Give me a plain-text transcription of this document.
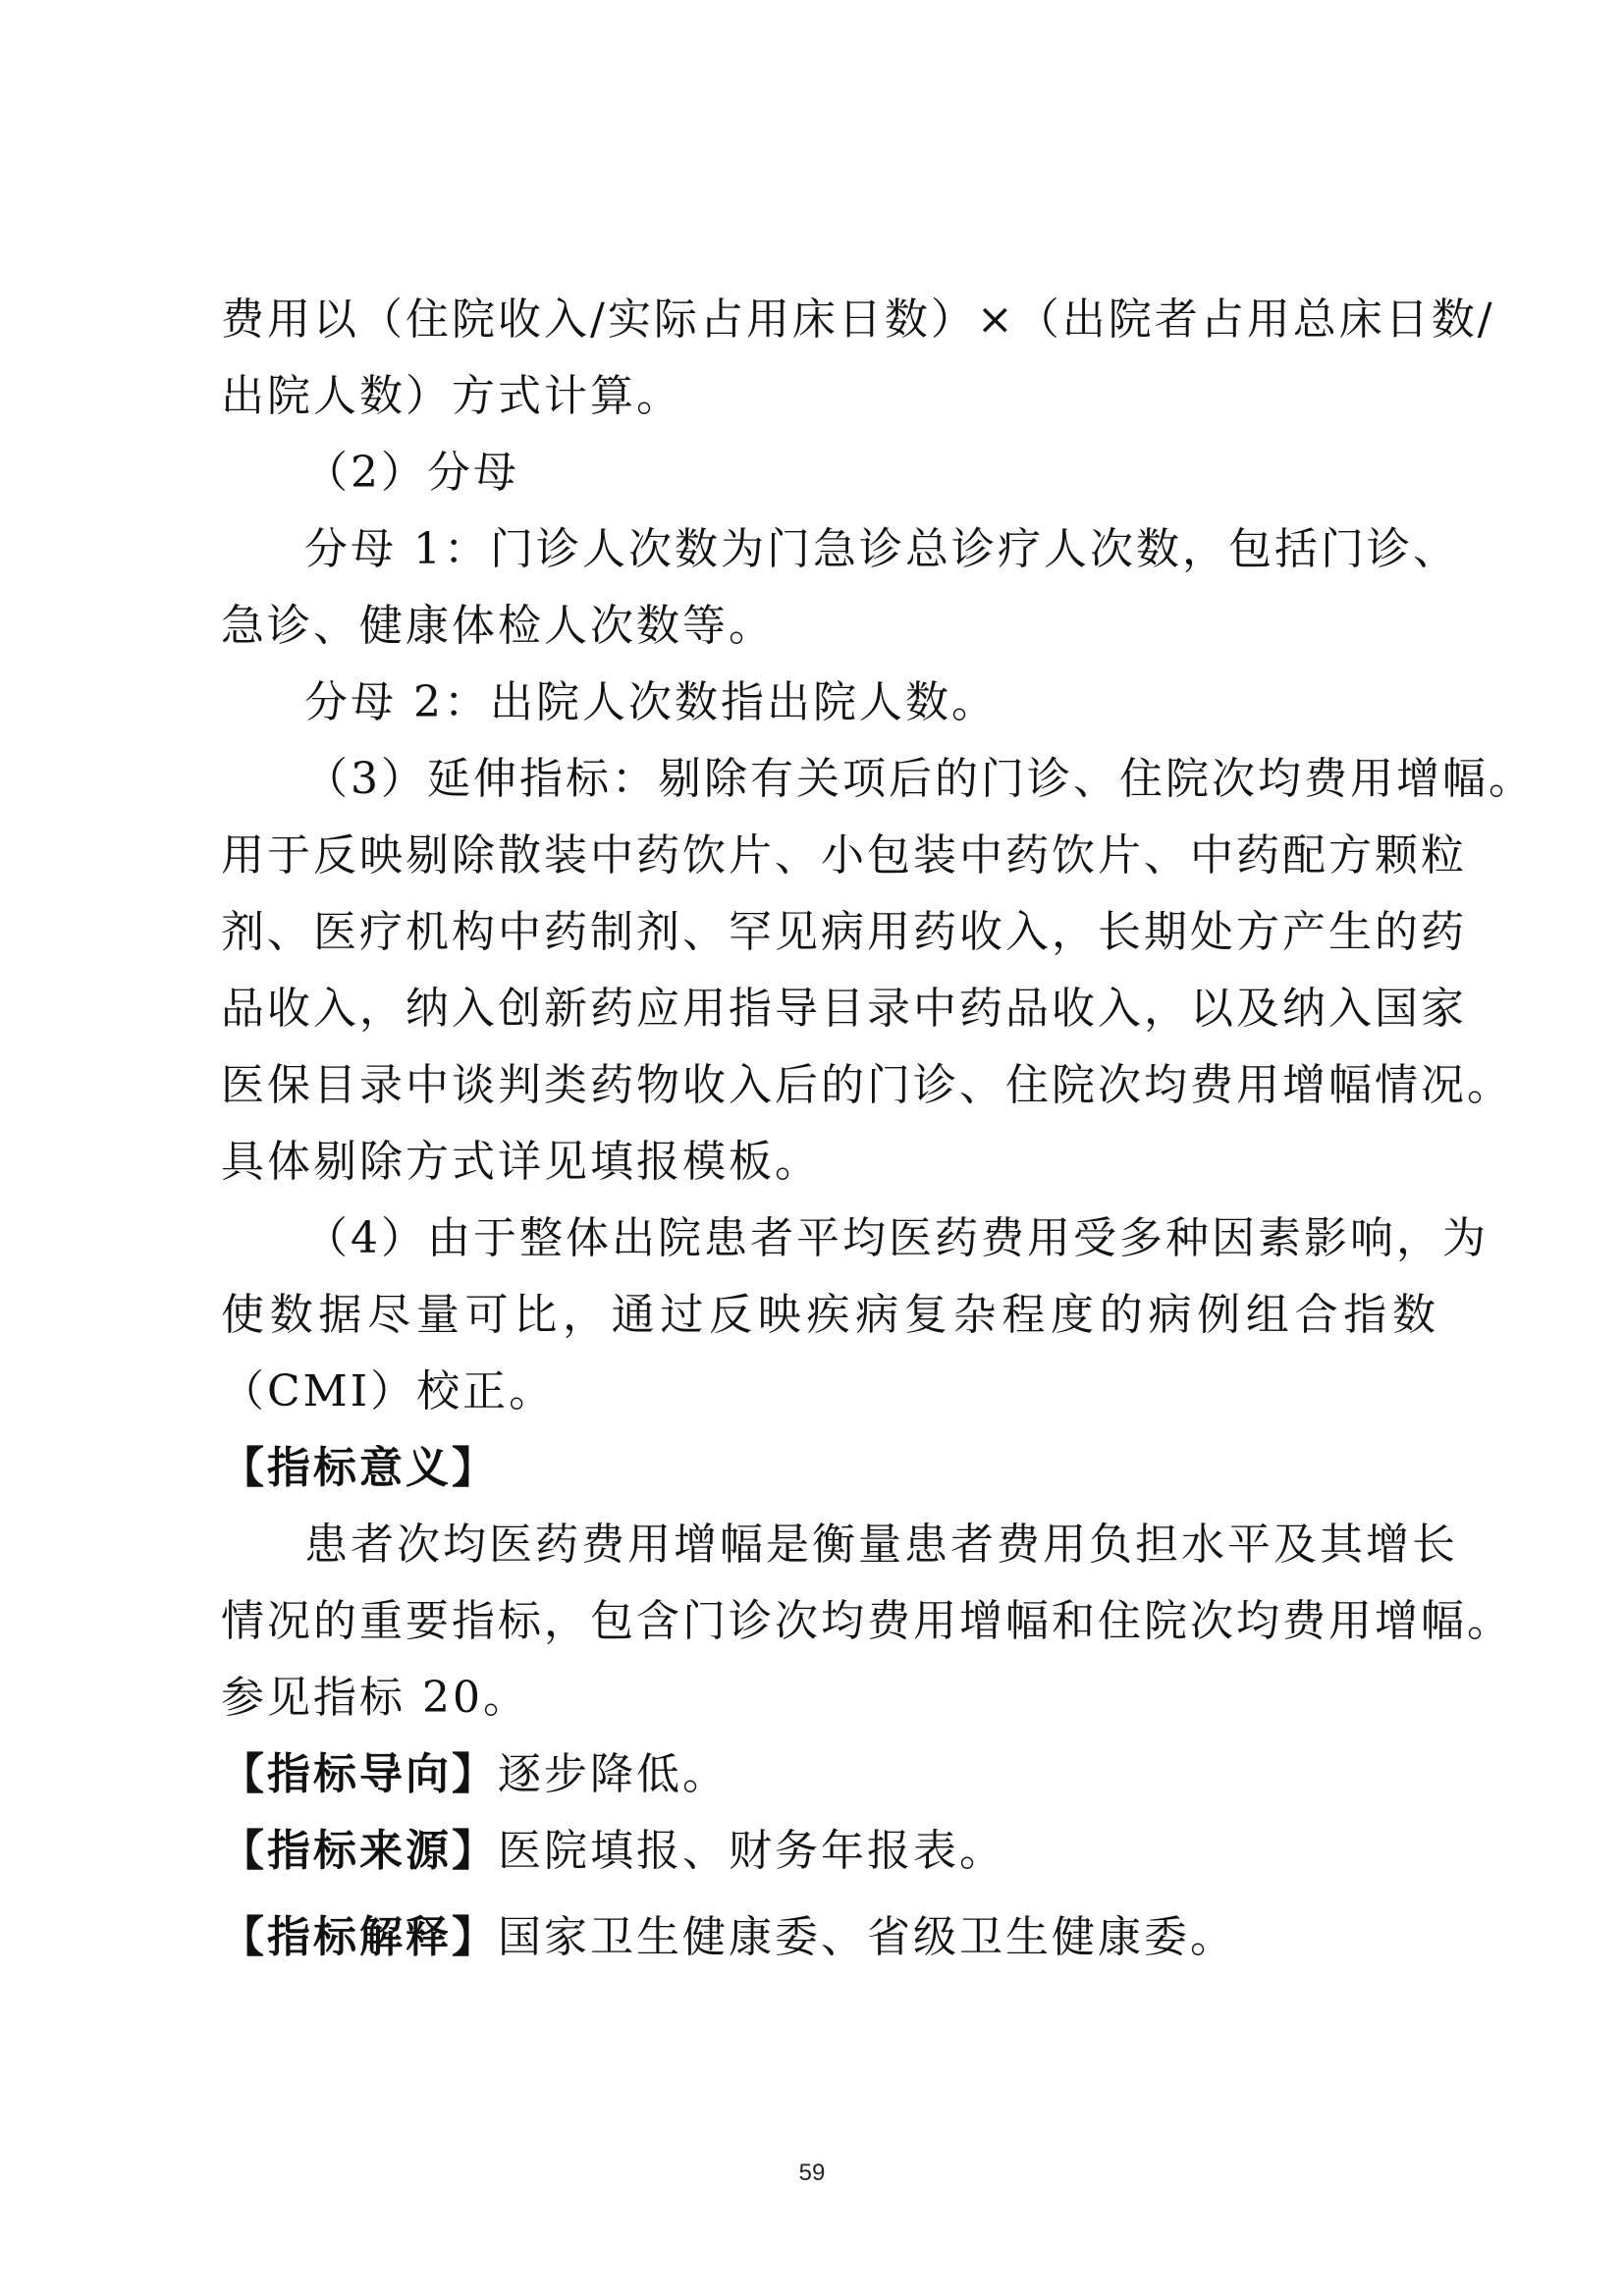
费用以（住院收入/实际占用床日数）×（出院者占用总床日数/
出院人数）方式计算。
（2）分母
分母 1：门诊人次数为门急诊总诊疗人次数，包括门诊、
急诊、健康体检人次数等。
分母 2：出院人次数指出院人数。
（3）延伸指标：剔除有关项后的门诊、住院次均费用增幅。
用于反映剔除散装中药饮片、小包装中药饮片、中药配方颗粒
剂、医疗机构中药制剂、罕见病用药收入，长期处方产生的药
品收入，纳入创新药应用指导目录中药品收入，以及纳入国家
医保目录中谈判类药物收入后的门诊、住院次均费用增幅情况。
具体剔除方式详见填报模板。
（4）由于整体出院患者平均医药费用受多种因素影响，为
使数据尽量可比，通过反映疾病复杂程度的病例组合指数
（CMI）校正。
【指标意义】
患者次均医药费用增幅是衡量患者费用负担水平及其增长
情况的重要指标，包含门诊次均费用增幅和住院次均费用增幅。
参见指标 20。
【指标导向】逐步降低。
【指标来源】医院填报、财务年报表。
【指标解释】国家卫生健康委、省级卫生健康委。
59
